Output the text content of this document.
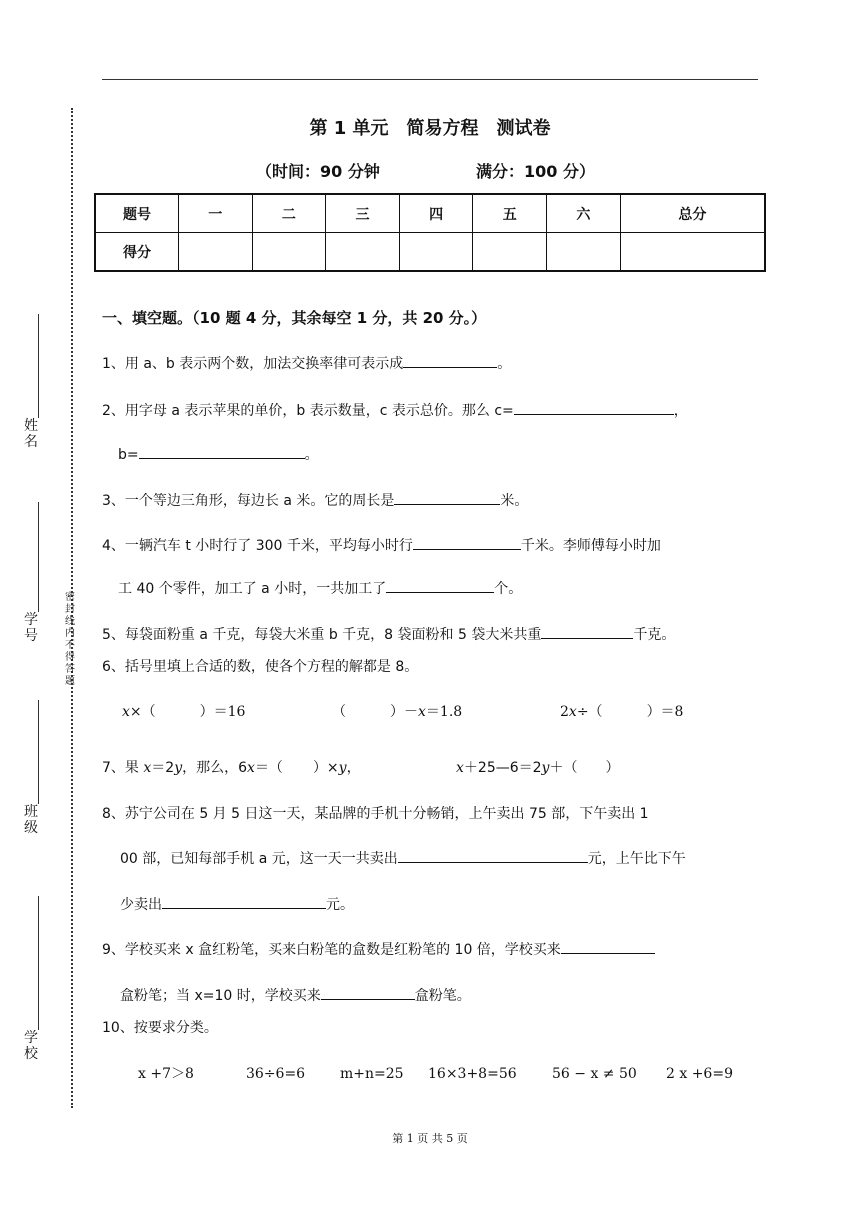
密封线内不得答题
姓名
学号
班级
学校
第 1 单元　简易方程　测试卷
（时间：90 分钟	满分：100 分）
题号	一	二	三	四	五	六	总分
得分							
一、填空题。（10 题 4 分，其余每空 1 分，共 20 分。）
1、用 a、b 表示两个数，加法交换率律可表示成	。
2、用字母 a 表示苹果的单价，b 表示数量，c 表示总价。那么 c=	，
b=	。
3、一个等边三角形，每边长 a 米。它的周长是	米。
4、一辆汽车 t 小时行了 300 千米，平均每小时行	千米。李师傅每小时加
工 40 个零件，加工了 a 小时，一共加工了	个。
5、每袋面粉重 a 千克，每袋大米重 b 千克，8 袋面粉和 5 袋大米共重	千克。
6、括号里填上合适的数，使各个方程的解都是 8。
x×（	）＝16	（	）－x＝1.8	2x÷（	）＝8
7、果 x＝2y，那么，6x＝（ ）×y，	x＋25—6＝2y＋（ ）
8、苏宁公司在 5 月 5 日这一天，某品牌的手机十分畅销，上午卖出 75 部，下午卖出 1
00 部，已知每部手机 a 元，这一天一共卖出	元，上午比下午
少卖出	元。
9、学校买来 x 盒红粉笔，买来白粉笔的盒数是红粉笔的 10 倍，学校买来
盒粉笔；当 x=10 时，学校买来	盒粉笔。
10、按要求分类。
x +7＞8	36÷6=6 m+n=25 16×3+8=56	56 − x ≠ 50 2 x +6=9
第 1 页 共 5 页
